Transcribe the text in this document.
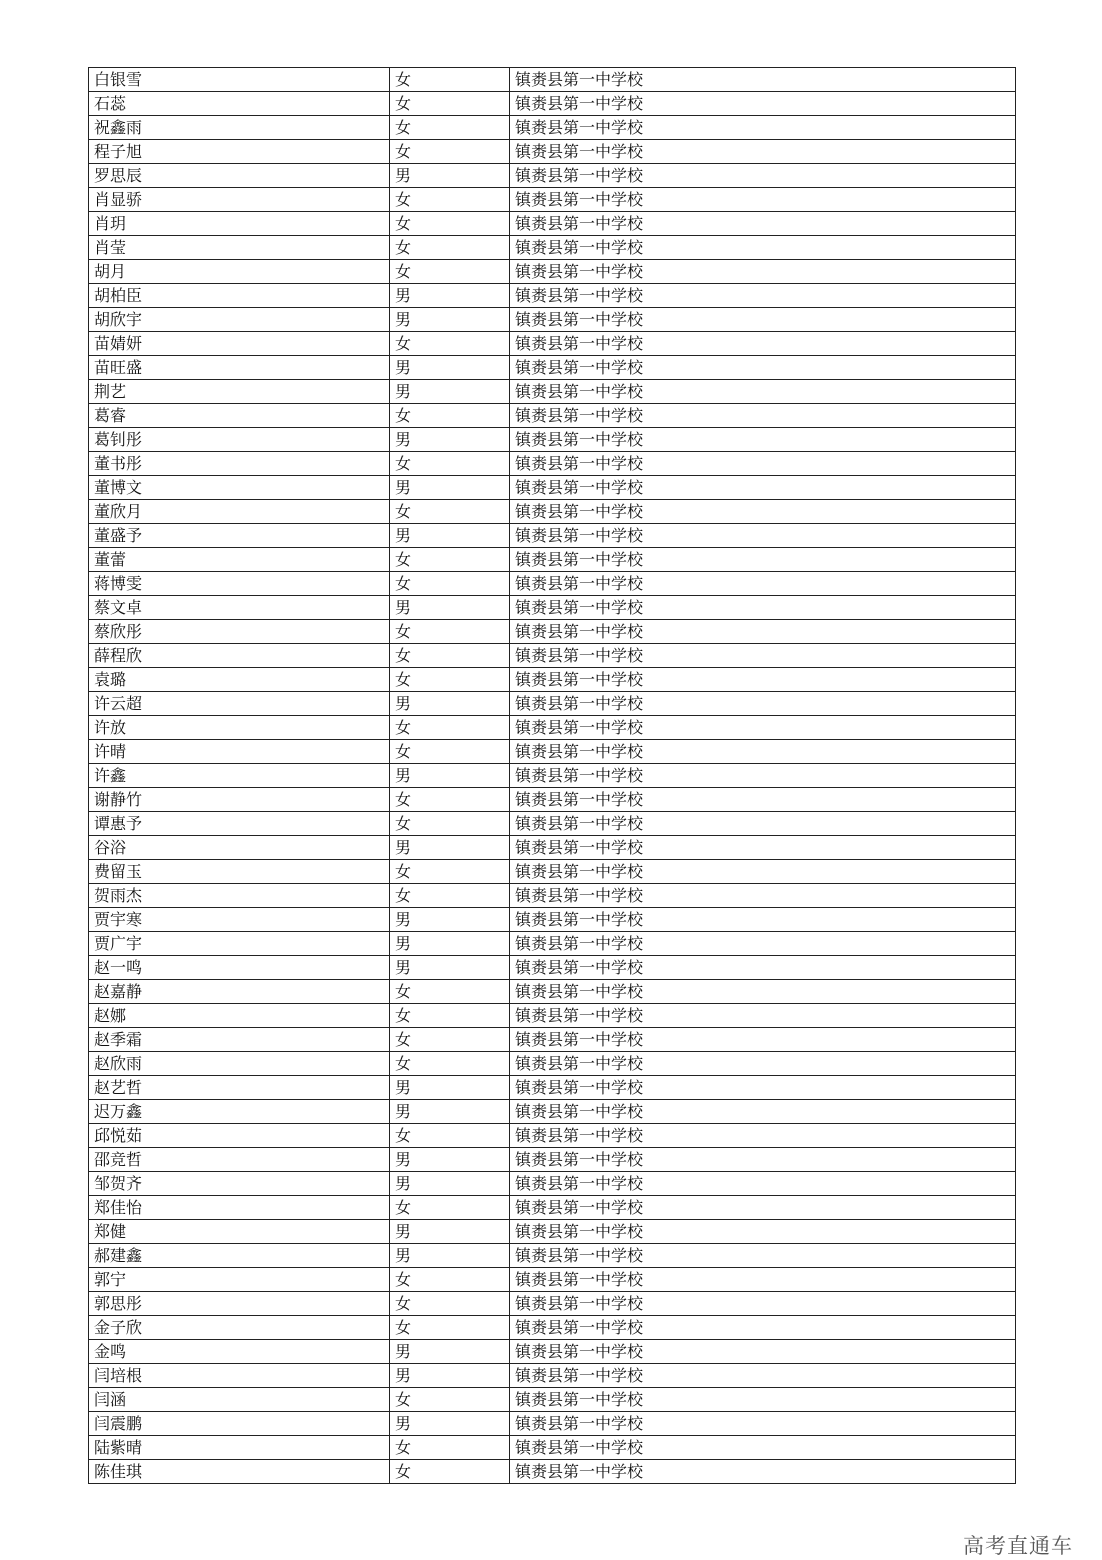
白银雪	女	镇赉县第一中学校
石蕊	女	镇赉县第一中学校
祝鑫雨	女	镇赉县第一中学校
程子旭	女	镇赉县第一中学校
罗思辰	男	镇赉县第一中学校
肖显骄	女	镇赉县第一中学校
肖玥	女	镇赉县第一中学校
肖莹	女	镇赉县第一中学校
胡月	女	镇赉县第一中学校
胡柏臣	男	镇赉县第一中学校
胡欣宇	男	镇赉县第一中学校
苗婧妍	女	镇赉县第一中学校
苗旺盛	男	镇赉县第一中学校
荆艺	男	镇赉县第一中学校
葛睿	女	镇赉县第一中学校
葛钊彤	男	镇赉县第一中学校
董书彤	女	镇赉县第一中学校
董博文	男	镇赉县第一中学校
董欣月	女	镇赉县第一中学校
董盛予	男	镇赉县第一中学校
董蕾	女	镇赉县第一中学校
蒋博雯	女	镇赉县第一中学校
蔡文卓	男	镇赉县第一中学校
蔡欣彤	女	镇赉县第一中学校
薛程欣	女	镇赉县第一中学校
袁璐	女	镇赉县第一中学校
许云超	男	镇赉县第一中学校
许放	女	镇赉县第一中学校
许晴	女	镇赉县第一中学校
许鑫	男	镇赉县第一中学校
谢静竹	女	镇赉县第一中学校
谭惠予	女	镇赉县第一中学校
谷浴	男	镇赉县第一中学校
费留玉	女	镇赉县第一中学校
贺雨杰	女	镇赉县第一中学校
贾宇寒	男	镇赉县第一中学校
贾广宇	男	镇赉县第一中学校
赵一鸣	男	镇赉县第一中学校
赵嘉静	女	镇赉县第一中学校
赵娜	女	镇赉县第一中学校
赵季霜	女	镇赉县第一中学校
赵欣雨	女	镇赉县第一中学校
赵艺哲	男	镇赉县第一中学校
迟万鑫	男	镇赉县第一中学校
邱悦茹	女	镇赉县第一中学校
邵竞哲	男	镇赉县第一中学校
邹贺齐	男	镇赉县第一中学校
郑佳怡	女	镇赉县第一中学校
郑健	男	镇赉县第一中学校
郝建鑫	男	镇赉县第一中学校
郭宁	女	镇赉县第一中学校
郭思彤	女	镇赉县第一中学校
金子欣	女	镇赉县第一中学校
金鸣	男	镇赉县第一中学校
闫培根	男	镇赉县第一中学校
闫涵	女	镇赉县第一中学校
闫震鹏	男	镇赉县第一中学校
陆紫晴	女	镇赉县第一中学校
陈佳琪	女	镇赉县第一中学校
高考直通车
